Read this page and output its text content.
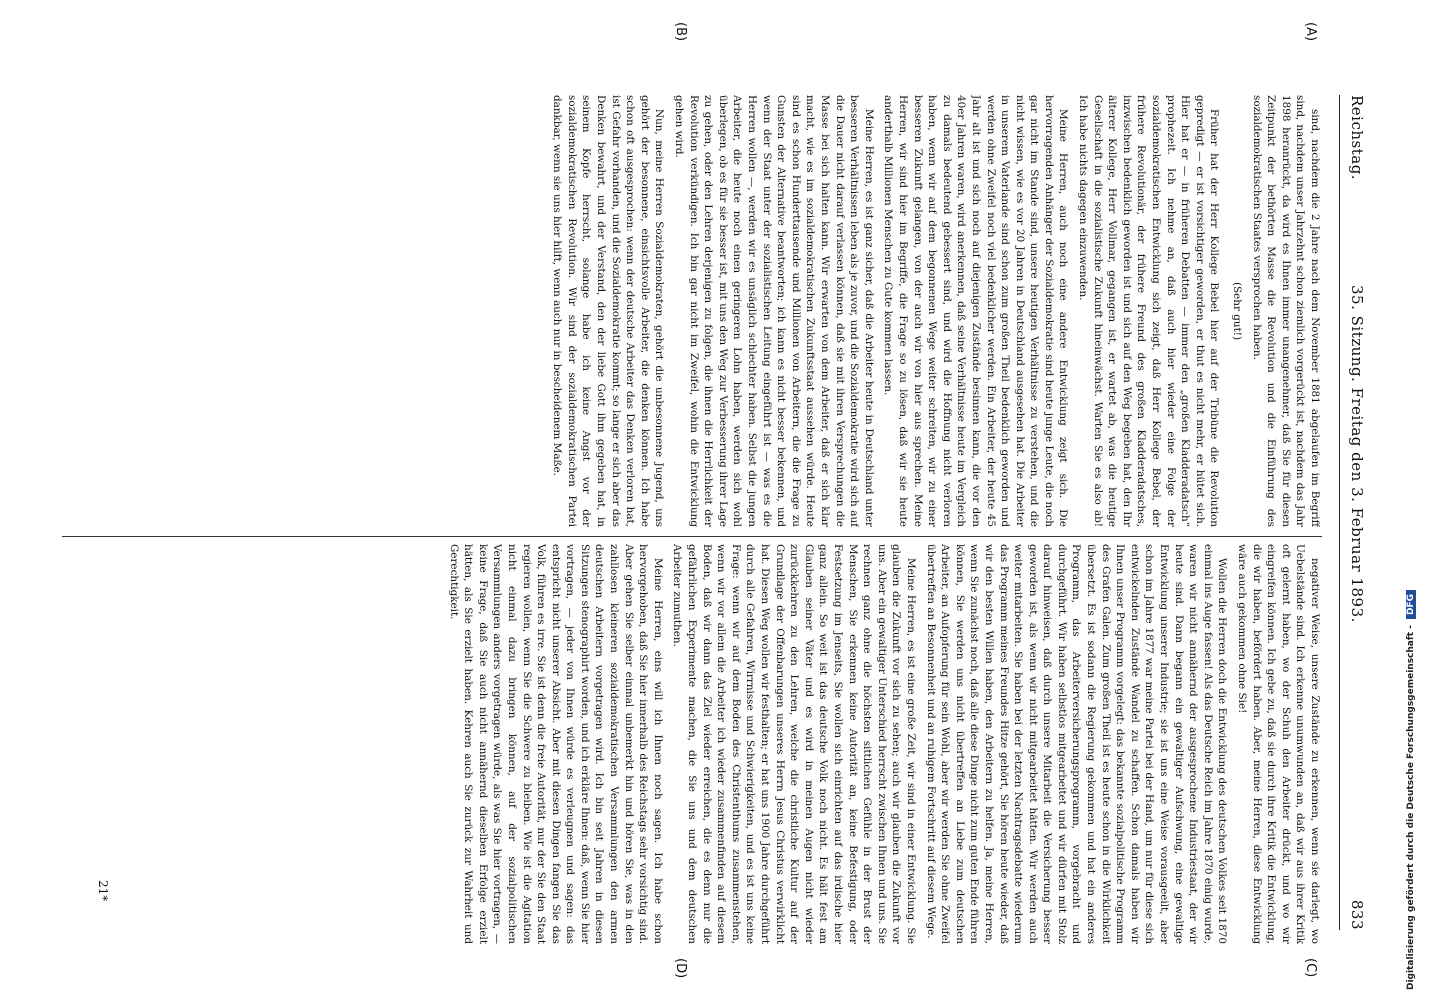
Reichstag.
35. Sitzung. Freitag den 3. Februar 1893.
833
(A)
(B)
(C)
(D)

sind, nachdem die 2 Jahre nach dem November 1881 abgelaufen im Begriff sind, nachdem unser Jahrzehnt schon ziemlich vorgerückt ist, nachdem das Jahr 1898 heranrückt, da wird es Ihnen immer unangenehmer, daß Sie für diesen Zeitpunkt der bethörten Masse die Revolution und die Einführung des sozialdemokratischen Staates versprochen haben.

(Sehr gut!)

Früher hat der Herr Kollege Bebel hier auf der Tribüne die Revolution gepredigt — er ist vorsichtiger geworden, er thut es nicht mehr, er hütet sich. Hier hat er — in früheren Debatten — immer den „großen Kladderadatsch“ prophezeit. Ich nehme an, daß auch hier wieder eine Folge der sozialdemokratischen Entwicklung sich zeigt, daß Herr Kollege Bebel, der frühere Revolutionär, der frühere Freund des großen Kladderadatsches, inzwischen bedenklich geworden ist und sich auf den Weg begeben hat, den Ihr älterer Kollege, Herr Vollmar, gegangen ist, er wartet ab, was die heutige Gesellschaft in die sozialistische Zukunft hineinwächst. Warten Sie es also ab! Ich habe nichts dagegen einzuwenden.

Meine Herren, auch noch eine andere Entwicklung zeigt sich. Die hervorragenden Anhänger der Sozialdemokratie sind heute junge Leute, die noch gar nicht im Stande sind, unsere heutigen Verhältnisse zu verstehen, und die nicht wissen, wie es vor 20 Jahren in Deutschland ausgesehen hat. Die Arbeiter in unserem Vaterlande sind schon zum großen Theil bedenklich geworden und werden ohne Zweifel noch viel bedenklicher werden. Ein Arbeiter, der heute 45 Jahr alt ist und sich noch auf diejenigen Zustände besinnen kann, die vor den 40er Jahren waren, wird anerkennen, daß seine Verhältnisse heute im Vergleich zu damals bedeutend gebessert sind, und wird die Hoffnung nicht verloren haben, wenn wir auf dem begonnenen Wege weiter schreiten, wir zu einer besseren Zukunft gelangen, von der auch wir von hier aus sprechen. Meine Herren, wir sind hier im Begriffe, die Frage so zu lösen, daß wir sie heute anderthalb Millionen Menschen zu Gute kommen lassen.

Meine Herren, es ist ganz sicher, daß die Arbeiter heute in Deutschland unter besseren Verhältnissen leben als je zuvor, und die Sozialdemokratie wird sich auf die Dauer nicht darauf verlassen können, daß sie mit ihren Versprechungen die Masse bei sich halten kann. Wir erwarten von dem Arbeiter, daß er sich klar macht, wie es im sozialdemokratischen Zukunftsstaat aussehen würde. Heute sind es schon Hunderttausende und Millionen von Arbeitern, die die Frage zu Gunsten der Alternative beantworten; ich kann es nicht besser bekennen, und wenn der Staat unter der sozialistischen Leitung eingeführt ist — was es die Herren wollen —, werden wir es unsäglich schlechter haben. Selbst die jungen Arbeiter, die heute noch einen geringeren Lohn haben, werden sich wohl überlegen, ob es für sie besser ist, mit uns den Weg zur Verbesserung ihrer Lage zu gehen, oder den Lehren derjenigen zu folgen, die ihnen die Herrlichkeit der Revolution verkündigen. Ich bin gar nicht im Zweifel, wohin die Entwicklung gehen wird.

Nun, meine Herren Sozialdemokraten, gehört die unbesonnene Jugend, uns gehört der besonnene, einsichtsvolle Arbeiter, die denken können. Ich habe schon oft ausgesprochen: wenn der deutsche Arbeiter das Denken verloren hat, ist Gefahr vorhanden, und die Sozialdemokratie kommt; so lange er sich aber das Denken bewahrt, und der Verstand, den der liebe Gott ihm gegeben hat, in seinem Kopfe herrscht, solange habe ich keine Angst vor der sozialdemokratischen Revolution. Wir sind der sozialdemokratischen Partei dankbar, wenn sie uns hier hilft, wenn auch nur in bescheidenem Maße.

negativer Weise, unsere Zustände zu erkennen, wenn sie darlegt, wo Uebelstände sind. Ich erkenne unumwunden an, daß wir aus ihrer Kritik oft gelernt haben, wo der Schuh den Arbeiter drückt, und wo wir eingreifen können. Ich gebe zu, daß sie durch ihre Kritik die Entwicklung, die wir haben, befördert haben. Aber, meine Herren, diese Entwicklung wäre auch gekommen ohne Sie!

Wollen die Herren doch die Entwicklung des deutschen Volkes seit 1870 einmal ins Auge fassen! Als das Deutsche Reich im Jahre 1870 einig wurde, waren wir nicht annähernd der ausgesprochene Industriestaat, der wir heute sind. Dann begann ein gewaltiger Aufschwung, eine gewaltige Entwicklung unserer Industrie; sie ist uns eine Weise vorausgeeilt, aber schon im Jahre 1877 war meine Partei bei der Hand, um nur für diese sich entwickelnden Zustände Wandel zu schaffen. Schon damals haben wir Ihnen unser Programm vorgelegt: das bekannte sozialpolitische Programm des Grafen Galen. Zum großen Theil ist es heute schon in die Wirklichkeit übersetzt. Es ist sodann die Regierung gekommen und hat ein anderes Programm, das Arbeiterversicherungsprogramm, vorgebracht und durchgeführt. Wir haben selbstlos mitgearbeitet und wir dürfen mit Stolz darauf hinweisen, daß durch unsere Mitarbeit die Versicherung besser geworden ist, als wenn wir nicht mitgearbeitet hätten. Wir werden auch weiter mitarbeiten. Sie haben bei der letzten Nachtragsdebatte wiederum das Programm meines Freundes Hitze gehört, Sie hören heute wieder, daß wir den besten Willen haben, den Arbeitern zu helfen. Ja, meine Herren, wenn Sie zunächst noch, daß alle diese Dinge nicht zum guten Ende führen können, Sie werden uns nicht übertreffen an Liebe zum deutschen Arbeiter, an Aufopferung für sein Wohl, aber wir werden Sie ohne Zweifel übertreffen an Besonnenheit und an ruhigem Fortschritt auf diesem Wege.

Meine Herren, es ist eine große Zeit, wir sind in einer Entwicklung. Sie glauben die Zukunft vor sich zu sehen; auch wir glauben die Zukunft vor uns. Aber ein gewaltiger Unterschied herrscht zwischen Ihnen und uns. Sie rechnen ganz ohne die höchsten sittlichen Gefühle in der Brust der Menschen, Sie erkennen keine Autorität an, keine Befestigung, oder Festsetzung im Jenseits, Sie wollen sich einrichten auf das irdische hier ganz allein. So weit ist das deutsche Volk noch nicht. Es hält fest am Glauben seiner Väter und es wird in meinen Augen nicht wieder zurückkehren zu den Lehren, welche die christliche Kultur auf der Grundlage der Offenbarungen unseres Herrn Jesus Christus verwirklicht hat. Diesen Weg wollen wir festhalten; er hat uns 1900 Jahre durchgeführt durch alle Gefahren, Wirrnisse und Schwierigkeiten, und es ist uns keine Frage: wenn wir auf dem Boden des Christenthums zusammenstehen, wenn wir vor allem die Arbeiter ich wieder zusammenfinden auf diesem Boden, daß wir dann das Ziel wieder erreichen, die es denn nur die gefährlichen Experimente machen, die Sie uns und dem deutschen Arbeiter zumuthen.

Meine Herren, eins will ich Ihnen noch sagen. Ich habe schon hervorgehoben, daß Sie hier innerhalb des Reichstags sehr vorsichtig sind. Aber gehen Sie selber einmal unbemerkt hin und hören Sie, was in den zahllosen kleineren sozialdemokratischen Versammlungen den armen deutschen Arbeitern vorgetragen wird. Ich bin seit Jahren in diesen Sitzungen stenographirt worden, und ich erkläre Ihnen: daß, wenn Sie hier vortragen, — jeder von Ihnen würde es verleugnen und sagen: das entspricht nicht unserer Absicht. Aber mit diesen Dingen fangen Sie das Volk, führen es irre. Sie ist denn die freie Autorität, nur der Sie den Staat regieren wollen, wenn Sie die Schwere zu bleiben. Wie ist die Agitation nicht einmal dazu bringen können, auf der sozialpolitischen Versammlungen anders vorgetragen würde, als was Sie hier vortragen, — keine Frage, daß Sie auch nicht annähernd dieselben Erfolge erzielt hätten, als Sie erzielt haben. Kehren auch Sie zurück zur Wahrheit und Gerechtigkeit.

21*	Digitalisierung gefördert durch die Deutsche Forschungsgemeinschaft -DFG
